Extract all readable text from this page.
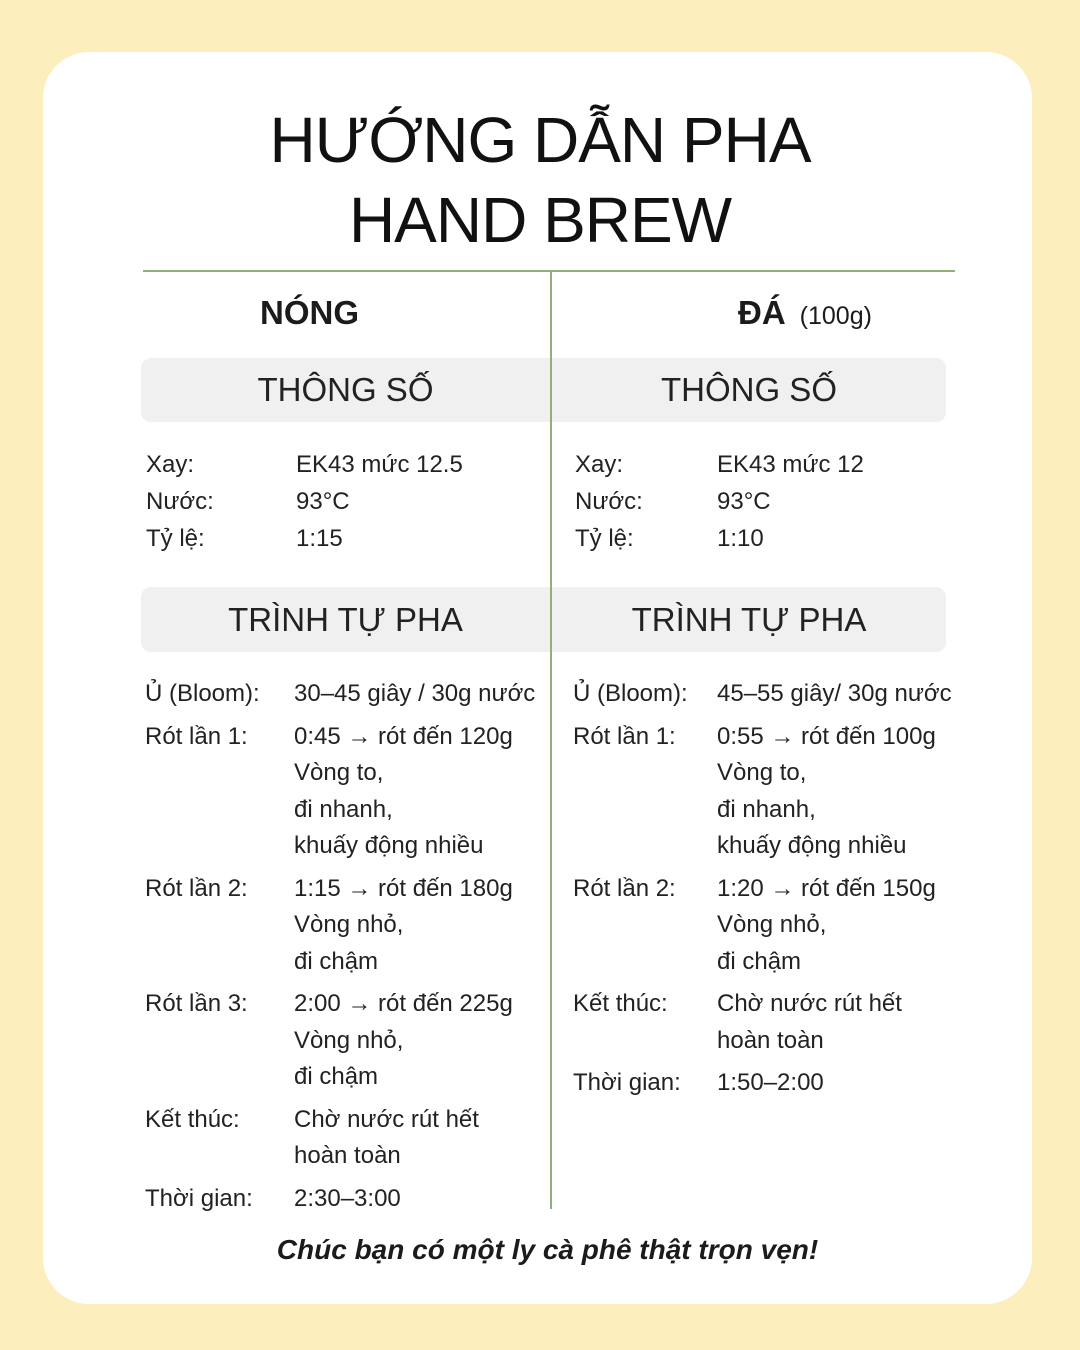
HƯỚNG DẪN PHA
HAND BREW
NÓNG	ĐÁ (100g)
THÔNG SỐ	THÔNG SỐ
Xay:	EK43 mức 12.5
Nước:	93°C
Tỷ lệ:	1:15
Xay:	EK43 mức 12
Nước:	93°C
Tỷ lệ:	1:10
TRÌNH TỰ PHA	TRÌNH TỰ PHA
Ủ (Bloom): 30–45 giây / 30g nước
Rót lần 1: 0:45 → rót đến 120g
Vòng to,
đi nhanh,
khuấy động nhiều
Rót lần 2: 1:15 → rót đến 180g
Vòng nhỏ,
đi chậm
Rót lần 3: 2:00 → rót đến 225g
Vòng nhỏ,
đi chậm
Kết thúc: Chờ nước rút hết
hoàn toàn
Thời gian: 2:30–3:00
Ủ (Bloom): 45–55 giây/ 30g nước
Rót lần 1: 0:55 → rót đến 100g
Vòng to,
đi nhanh,
khuấy động nhiều
Rót lần 2: 1:20 → rót đến 150g
Vòng nhỏ,
đi chậm
Kết thúc: Chờ nước rút hết
hoàn toàn
Thời gian: 1:50–2:00
Chúc bạn có một ly cà phê thật trọn vẹn!
